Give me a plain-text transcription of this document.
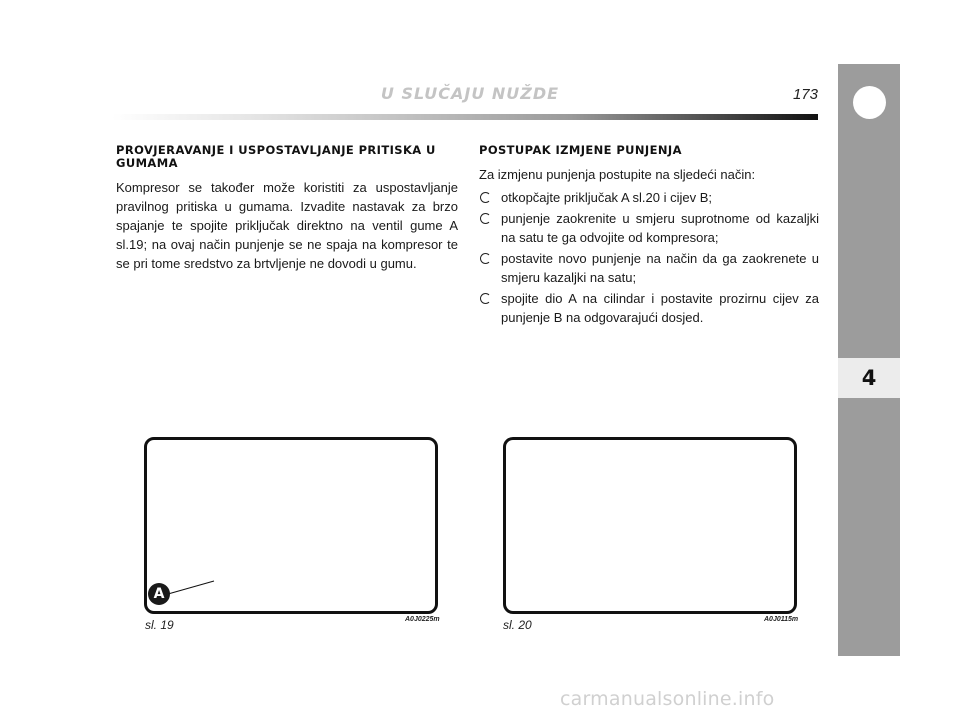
U SLUČAJU NUŽDE	173
4
PROVJERAVANJE I USPOSTAVLJANJE PRITISKA U GUMAMA

Kompresor se također može koristiti za uspostavljanje pravilnog pritiska u gumama. Izvadite nastavak za brzo spajanje te spojite priključak direktno na ventil gume A sl.19; na ovaj način punjenje se ne spaja na kompresor te se pri tome sredstvo za brtvljenje ne dovodi u gumu.

POSTUPAK IZMJENE PUNJENJA

Za izmjenu punjenja postupite na sljedeći način:

otkopčajte priključak A sl.20 i cijev B;
punjenje zaokrenite u smjeru suprotnome od kazaljki na satu te ga odvojite od kompresora;
postavite novo punjenje na način da ga zaokrenete u smjeru kazaljki na satu;
spojite dio A na cilindar i postavite prozirnu cijev za punjenje B na odgovarajući dosjed.
A
sl. 19	A0J0225m	sl. 20	A0J0115m
carmanualsonline.info
